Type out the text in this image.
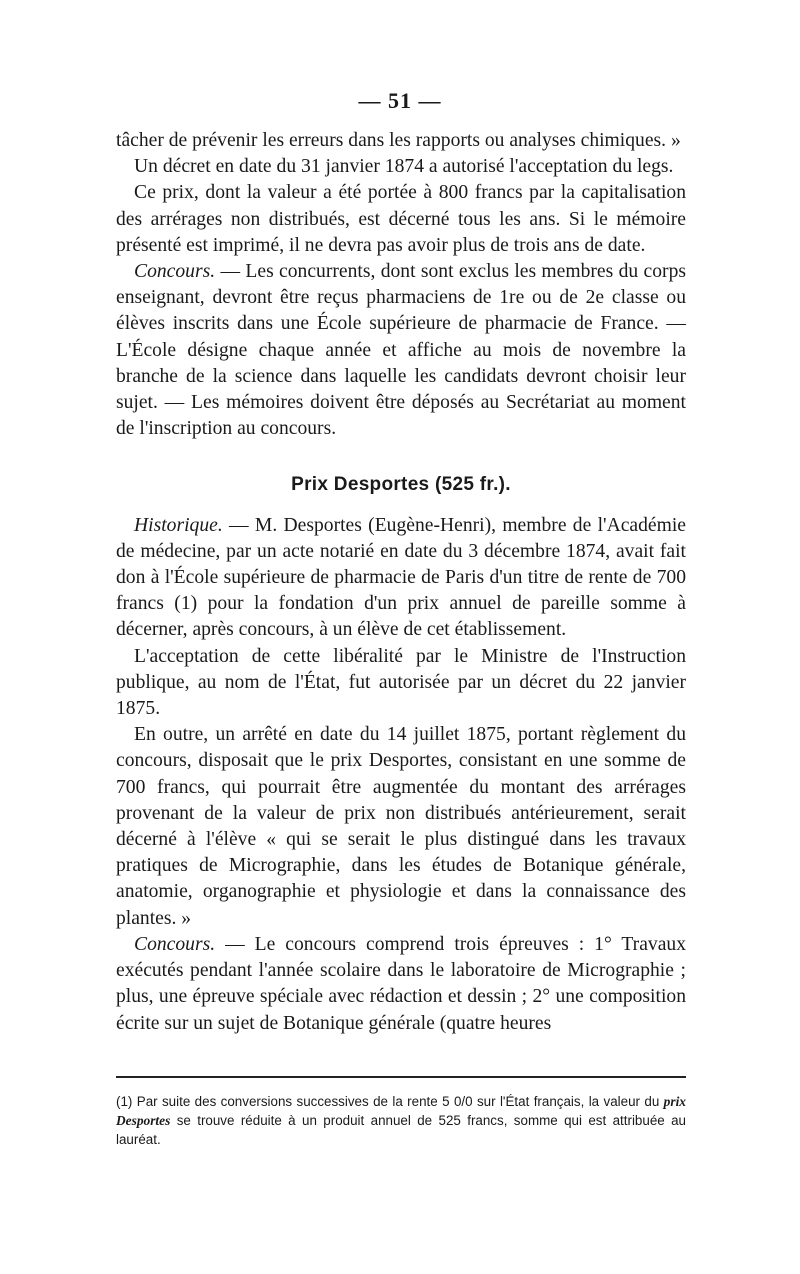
— 51 —

tâcher de prévenir les erreurs dans les rapports ou analyses chimiques. »

Un décret en date du 31 janvier 1874 a autorisé l'acceptation du legs.

Ce prix, dont la valeur a été portée à 800 francs par la capitalisation des arrérages non distribués, est décerné tous les ans. Si le mémoire présenté est imprimé, il ne devra pas avoir plus de trois ans de date.

Concours. — Les concurrents, dont sont exclus les membres du corps enseignant, devront être reçus pharmaciens de 1re ou de 2e classe ou élèves inscrits dans une École supérieure de pharmacie de France. — L'École désigne chaque année et affiche au mois de novembre la branche de la science dans laquelle les candidats devront choisir leur sujet. — Les mémoires doivent être déposés au Secrétariat au moment de l'inscription au concours.

Prix Desportes (525 fr.).

Historique. — M. Desportes (Eugène-Henri), membre de l'Académie de médecine, par un acte notarié en date du 3 décembre 1874, avait fait don à l'École supérieure de pharmacie de Paris d'un titre de rente de 700 francs (1) pour la fondation d'un prix annuel de pareille somme à décerner, après concours, à un élève de cet établissement.

L'acceptation de cette libéralité par le Ministre de l'Instruction publique, au nom de l'État, fut autorisée par un décret du 22 janvier 1875.

En outre, un arrêté en date du 14 juillet 1875, portant règlement du concours, disposait que le prix Desportes, consistant en une somme de 700 francs, qui pourrait être augmentée du montant des arrérages provenant de la valeur de prix non distribués antérieurement, serait décerné à l'élève « qui se serait le plus distingué dans les travaux pratiques de Micrographie, dans les études de Botanique générale, anatomie, organographie et physiologie et dans la connaissance des plantes. »

Concours. — Le concours comprend trois épreuves : 1° Travaux exécutés pendant l'année scolaire dans le laboratoire de Micrographie ; plus, une épreuve spéciale avec rédaction et dessin ; 2° une composition écrite sur un sujet de Botanique générale (quatre heures

(1) Par suite des conversions successives de la rente 5 0/0 sur l'État français, la valeur du prix Desportes se trouve réduite à un produit annuel de 525 francs, somme qui est attribuée au lauréat.
